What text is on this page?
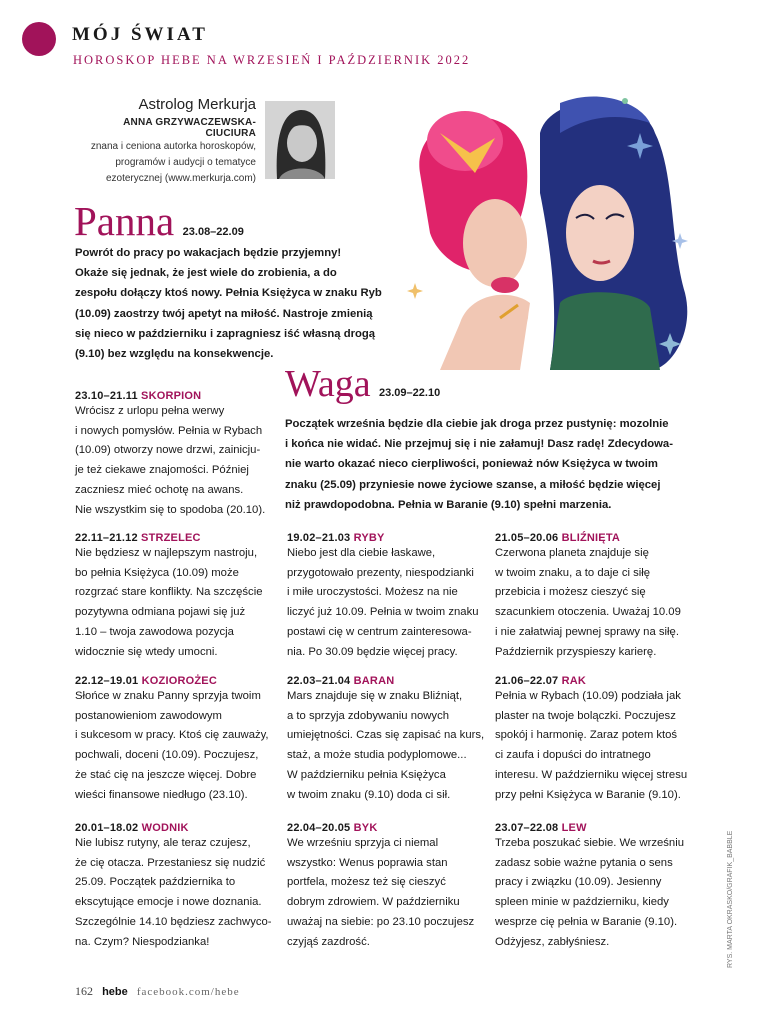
MÓJ ŚWIAT
HOROSKOP HEBE NA WRZESIEŃ I PAŹDZIERNIK 2022
Astrolog Merkurja
ANNA GRZYWACZEWSKA-CIUCIURA
znana i ceniona autorka horoskopów,
programów i audycji o tematyce
ezoterycznej (www.merkurja.com)
Panna 23.08–22.09
Powrót do pracy po wakacjach będzie przyjemny!
Okaże się jednak, że jest wiele do zrobienia, a do
zespołu dołączy ktoś nowy. Pełnia Księżyca w znaku Ryb
(10.09) zaostrzy twój apetyt na miłość. Nastroje zmienią
się nieco w październiku i zapragniesz iść własną drogą
(9.10) bez względu na konsekwencje.
Waga 23.09–22.10
Początek września będzie dla ciebie jak droga przez pustynię: mozolnie
i końca nie widać. Nie przejmuj się i nie załamuj! Dasz radę! Zdecydowa-
nie warto okazać nieco cierpliwości, ponieważ nów Księżyca w twoim
znaku (25.09) przyniesie nowe życiowe szanse, a miłość będzie więcej
niż prawdopodobna. Pełnia w Baranie (9.10) spełni marzenia.
23.10–21.11 SKORPION
Wrócisz z urlopu pełna werwy
i nowych pomysłów. Pełnia w Rybach
(10.09) otworzy nowe drzwi, zainicju-
je też ciekawe znajomości. Później
zaczniesz mieć ochotę na awans.
Nie wszystkim się to spodoba (20.10).
22.11–21.12 STRZELEC
Nie będziesz w najlepszym nastroju,
bo pełnia Księżyca (10.09) może
rozgrzać stare konflikty. Na szczęście
pozytywna odmiana pojawi się już
1.10 – twoja zawodowa pozycja
widocznie się wtedy umocni.
22.12–19.01 KOZIOROŻEC
Słońce w znaku Panny sprzyja twoim
postanowieniom zawodowym
i sukcesom w pracy. Ktoś cię zauważy,
pochwali, doceni (10.09). Poczujesz,
że stać cię na jeszcze więcej. Dobre
wieści finansowe niedługo (23.10).
20.01–18.02 WODNIK
Nie lubisz rutyny, ale teraz czujesz,
że cię otacza. Przestaniesz się nudzić
25.09. Początek października to
ekscytujące emocje i nowe doznania.
Szczególnie 14.10 będziesz zachwyco-
na. Czym? Niespodzianka!
19.02–21.03 RYBY
Niebo jest dla ciebie łaskawe,
przygotowało prezenty, niespodzianki
i miłe uroczystości. Możesz na nie
liczyć już 10.09. Pełnia w twoim znaku
postawi cię w centrum zainteresowa-
nia. Po 30.09 będzie więcej pracy.
22.03–21.04 BARAN
Mars znajduje się w znaku Bliźniąt,
a to sprzyja zdobywaniu nowych
umiejętności. Czas się zapisać na kurs,
staż, a może studia podyplomowe...
W październiku pełnia Księżyca
w twoim znaku (9.10) doda ci sił.
22.04–20.05 BYK
We wrześniu sprzyja ci niemal
wszystko: Wenus poprawia stan
portfela, możesz też się cieszyć
dobrym zdrowiem. W październiku
uważaj na siebie: po 23.10 poczujesz
czyjąś zazdrość.
21.05–20.06 BLIŹNIĘTA
Czerwona planeta znajduje się
w twoim znaku, a to daje ci siłę
przebicia i możesz cieszyć się
szacunkiem otoczenia. Uważaj 10.09
i nie załatwiaj pewnej sprawy na siłę.
Październik przyspieszy karierę.
21.06–22.07 RAK
Pełnia w Rybach (10.09) podziała jak
plaster na twoje bolączki. Poczujesz
spokój i harmonię. Zaraz potem ktoś
ci zaufa i dopuści do intratnego
interesu. W październiku więcej stresu
przy pełni Księżyca w Baranie (9.10).
23.07–22.08 LEW
Trzeba poszukać siebie. We wrześniu
zadasz sobie ważne pytania o sens
pracy i związku (10.09). Jesienny
spleen minie w październiku, kiedy
wesprze cię pełnia w Baranie (9.10).
Odżyjesz, zabłyśniesz.	RYS. MARTA OKRASKO/GRAFIK_BABBLE
162 hebe facebook.com/hebe
